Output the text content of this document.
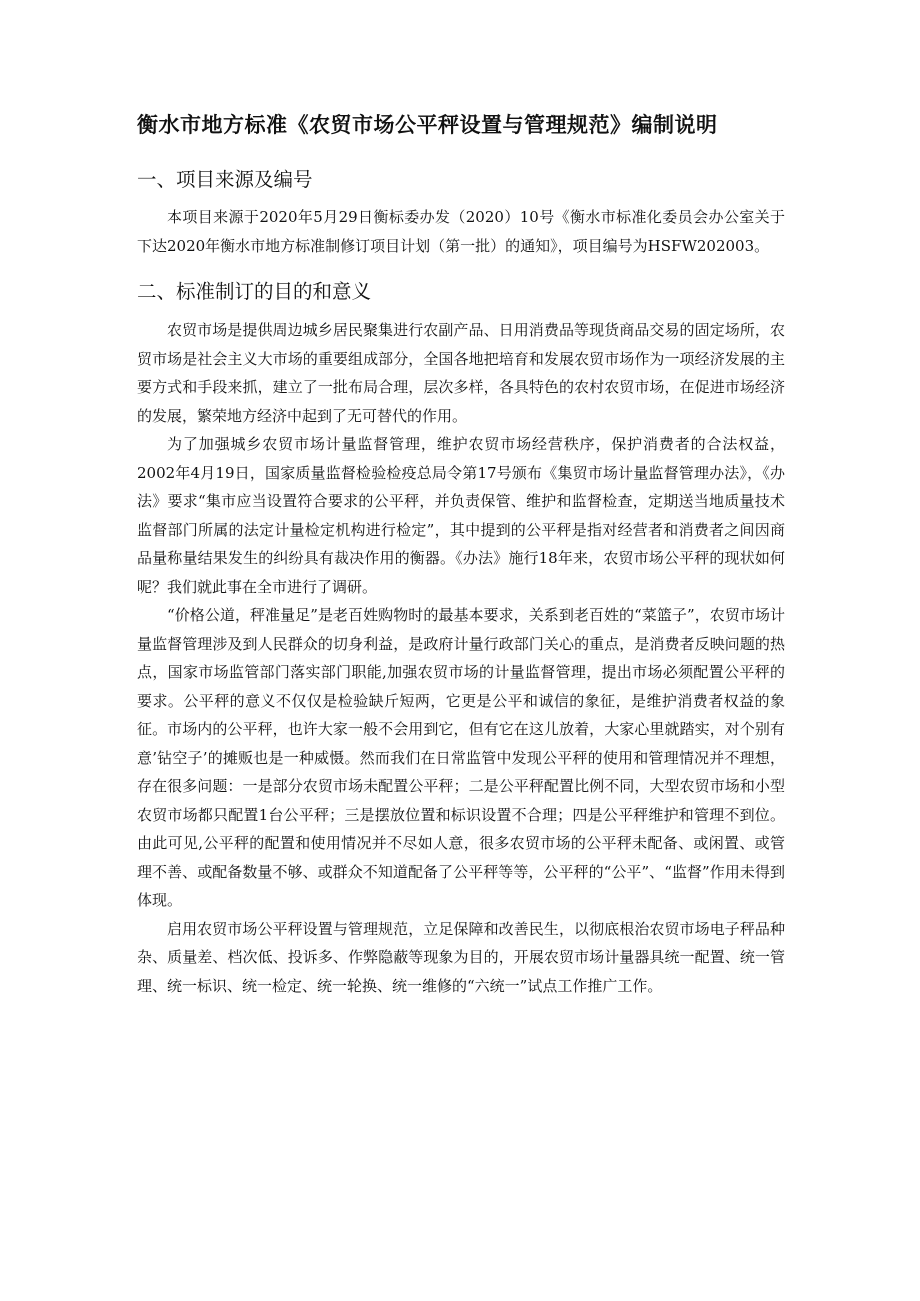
衡水市地方标准《农贸市场公平秤设置与管理规范》编制说明
一、项目来源及编号

本项目来源于2020年5月29日衡标委办发（2020）10号《衡水市标准化委员会办公室关于下达2020年衡水市地方标准制修订项目计划（第一批）的通知》，项目编号为HSFW202003。

二、标准制订的目的和意义

农贸市场是提供周边城乡居民聚集进行农副产品、日用消费品等现货商品交易的固定场所，农贸市场是社会主义大市场的重要组成部分，全国各地把培育和发展农贸市场作为一项经济发展的主要方式和手段来抓，建立了一批布局合理，层次多样，各具特色的农村农贸市场，在促进市场经济的发展，繁荣地方经济中起到了无可替代的作用。

为了加强城乡农贸市场计量监督管理，维护农贸市场经营秩序，保护消费者的合法权益，2002年4月19日，国家质量监督检验检疫总局令第17号颁布《集贸市场计量监督管理办法》，《办法》要求“集市应当设置符合要求的公平秤，并负责保管、维护和监督检查，定期送当地质量技术监督部门所属的法定计量检定机构进行检定”，其中提到的公平秤是指对经营者和消费者之间因商品量称量结果发生的纠纷具有裁决作用的衡器。《办法》施行18年来，农贸市场公平秤的现状如何呢？我们就此事在全市进行了调研。

“价格公道，秤准量足”是老百姓购物时的最基本要求，关系到老百姓的“菜篮子”，农贸市场计量监督管理涉及到人民群众的切身利益，是政府计量行政部门关心的重点，是消费者反映问题的热点，国家市场监管部门落实部门职能,加强农贸市场的计量监督管理，提出市场必须配置公平秤的要求。公平秤的意义不仅仅是检验缺斤短两，它更是公平和诚信的象征，是维护消费者权益的象征。市场内的公平秤，也许大家一般不会用到它，但有它在这儿放着，大家心里就踏实，对个别有意’钻空子’的摊贩也是一种威慑。然而我们在日常监管中发现公平秤的使用和管理情况并不理想，存在很多问题：一是部分农贸市场未配置公平秤；二是公平秤配置比例不同，大型农贸市场和小型农贸市场都只配置1台公平秤；三是摆放位置和标识设置不合理；四是公平秤维护和管理不到位。由此可见,公平秤的配置和使用情况并不尽如人意，很多农贸市场的公平秤未配备、或闲置、或管理不善、或配备数量不够、或群众不知道配备了公平秤等等，公平秤的“公平”、“监督”作用未得到体现。

启用农贸市场公平秤设置与管理规范，立足保障和改善民生，以彻底根治农贸市场电子秤品种杂、质量差、档次低、投诉多、作弊隐蔽等现象为目的，开展农贸市场计量器具统一配置、统一管理、统一标识、统一检定、统一轮换、统一维修的“六统一”试点工作推广工作。
